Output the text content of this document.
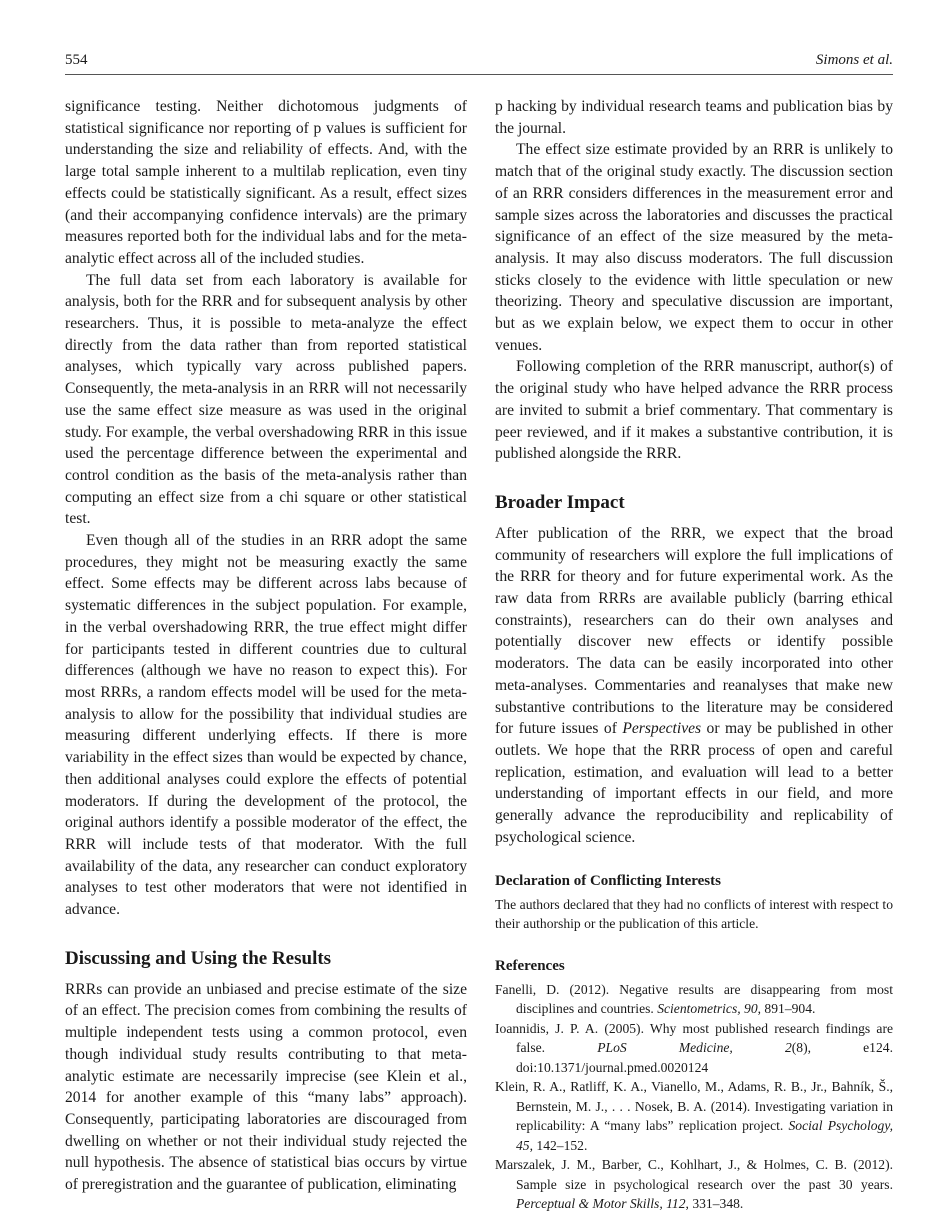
554	Simons et al.

significance testing. Neither dichotomous judgments of statistical significance nor reporting of p values is sufficient for understanding the size and reliability of effects. And, with the large total sample inherent to a multilab replication, even tiny effects could be statistically significant. As a result, effect sizes (and their accompanying confidence intervals) are the primary measures reported both for the individual labs and for the meta-analytic effect across all of the included studies.

The full data set from each laboratory is available for analysis, both for the RRR and for subsequent analysis by other researchers. Thus, it is possible to meta-analyze the effect directly from the data rather than from reported statistical analyses, which typically vary across published papers. Consequently, the meta-analysis in an RRR will not necessarily use the same effect size measure as was used in the original study. For example, the verbal overshadowing RRR in this issue used the percentage difference between the experimental and control condition as the basis of the meta-analysis rather than computing an effect size from a chi square or other statistical test.

Even though all of the studies in an RRR adopt the same procedures, they might not be measuring exactly the same effect. Some effects may be different across labs because of systematic differences in the subject population. For example, in the verbal overshadowing RRR, the true effect might differ for participants tested in different countries due to cultural differences (although we have no reason to expect this). For most RRRs, a random effects model will be used for the meta-analysis to allow for the possibility that individual studies are measuring different underlying effects. If there is more variability in the effect sizes than would be expected by chance, then additional analyses could explore the effects of potential moderators. If during the development of the protocol, the original authors identify a possible moderator of the effect, the RRR will include tests of that moderator. With the full availability of the data, any researcher can conduct exploratory analyses to test other moderators that were not identified in advance.

Discussing and Using the Results

RRRs can provide an unbiased and precise estimate of the size of an effect. The precision comes from combining the results of multiple independent tests using a common protocol, even though individual study results contributing to that meta-analytic estimate are necessarily imprecise (see Klein et al., 2014 for another example of this “many labs” approach). Consequently, participating laboratories are discouraged from dwelling on whether or not their individual study rejected the null hypothesis. The absence of statistical bias occurs by virtue of preregistration and the guarantee of publication, eliminating

p hacking by individual research teams and publication bias by the journal.

The effect size estimate provided by an RRR is unlikely to match that of the original study exactly. The discussion section of an RRR considers differences in the measurement error and sample sizes across the laboratories and discusses the practical significance of an effect of the size measured by the meta-analysis. It may also discuss moderators. The full discussion sticks closely to the evidence with little speculation or new theorizing. Theory and speculative discussion are important, but as we explain below, we expect them to occur in other venues.

Following completion of the RRR manuscript, author(s) of the original study who have helped advance the RRR process are invited to submit a brief commentary. That commentary is peer reviewed, and if it makes a substantive contribution, it is published alongside the RRR.

Broader Impact

After publication of the RRR, we expect that the broad community of researchers will explore the full implications of the RRR for theory and for future experimental work. As the raw data from RRRs are available publicly (barring ethical constraints), researchers can do their own analyses and potentially discover new effects or identify possible moderators. The data can be easily incorporated into other meta-analyses. Commentaries and reanalyses that make new substantive contributions to the literature may be considered for future issues of Perspectives or may be published in other outlets. We hope that the RRR process of open and careful replication, estimation, and evaluation will lead to a better understanding of important effects in our field, and more generally advance the reproducibility and replicability of psychological science.

Declaration of Conflicting Interests
The authors declared that they had no conflicts of interest with respect to their authorship or the publication of this article.
References

Fanelli, D. (2012). Negative results are disappearing from most disciplines and countries. Scientometrics, 90, 891–904.

Ioannidis, J. P. A. (2005). Why most published research findings are false. PLoS Medicine, 2(8), e124. doi:10.1371/journal.pmed.0020124

Klein, R. A., Ratliff, K. A., Vianello, M., Adams, R. B., Jr., Bahník, Š., Bernstein, M. J., . . . Nosek, B. A. (2014). Investigating variation in replicability: A “many labs” replication project. Social Psychology, 45, 142–152.

Marszalek, J. M., Barber, C., Kohlhart, J., & Holmes, C. B. (2012). Sample size in psychological research over the past 30 years. Perceptual & Motor Skills, 112, 331–348.
